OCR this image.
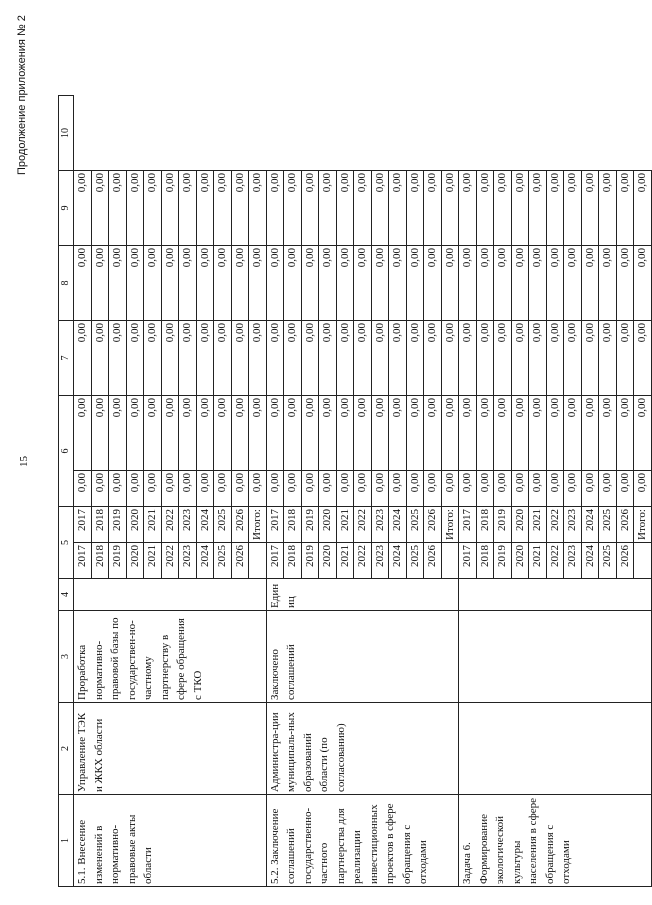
15
Продолжение приложения № 2
1	2	3	4	5		6		7	8	9	10
5.1. Внесение изменений в нормативно-правовые акты области	Управление ТЭК и ЖКХ области	Проработка нормативно-правовой базы по государствен-но-частному партнерству в сфере обращения с ТКО		2017	2017	0,00	0,00	0,00	0,00	0,00	
				2018	2018	0,00	0,00	0,00	0,00	0,00	
				2019	2019	0,00	0,00	0,00	0,00	0,00	
				2020	2020	0,00	0,00	0,00	0,00	0,00	
				2021	2021	0,00	0,00	0,00	0,00	0,00	
				2022	2022	0,00	0,00	0,00	0,00	0,00	
				2023	2023	0,00	0,00	0,00	0,00	0,00	
				2024	2024	0,00	0,00	0,00	0,00	0,00	
				2025	2025	0,00	0,00	0,00	0,00	0,00	
				2026	2026	0,00	0,00	0,00	0,00	0,00	
					Итого:	0,00	0,00	0,00	0,00	0,00	
5.2. Заключение соглашений государственно-частного партнерства для реализации инвестиционных проектов в сфере обращения с отходами	Администра-ции муниципаль-ных образований области (по согласованию)	Заключено соглашений	Единиц	2017	2017	0,00	0,00	0,00	0,00	0,00	
				2018	2018	0,00	0,00	0,00	0,00	0,00	
				2019	2019	0,00	0,00	0,00	0,00	0,00	
				2020	2020	0,00	0,00	0,00	0,00	0,00	
				2021	2021	0,00	0,00	0,00	0,00	0,00	
				2022	2022	0,00	0,00	0,00	0,00	0,00	
				2023	2023	0,00	0,00	0,00	0,00	0,00	
				2024	2024	0,00	0,00	0,00	0,00	0,00	
				2025	2025	0,00	0,00	0,00	0,00	0,00	
				2026	2026	0,00	0,00	0,00	0,00	0,00	
					Итого:	0,00	0,00	0,00	0,00	0,00	
Задача 6. Формирование экологической культуры населения в сфере обращения с отходами				2017	2017	0,00	0,00	0,00	0,00	0,00	
				2018	2018	0,00	0,00	0,00	0,00	0,00	
				2019	2019	0,00	0,00	0,00	0,00	0,00	
				2020	2020	0,00	0,00	0,00	0,00	0,00	
				2021	2021	0,00	0,00	0,00	0,00	0,00	
				2022	2022	0,00	0,00	0,00	0,00	0,00	
				2023	2023	0,00	0,00	0,00	0,00	0,00	
				2024	2024	0,00	0,00	0,00	0,00	0,00	
				2025	2025	0,00	0,00	0,00	0,00	0,00	
				2026	2026	0,00	0,00	0,00	0,00	0,00	
					Итого:	0,00	0,00	0,00	0,00	0,00	
